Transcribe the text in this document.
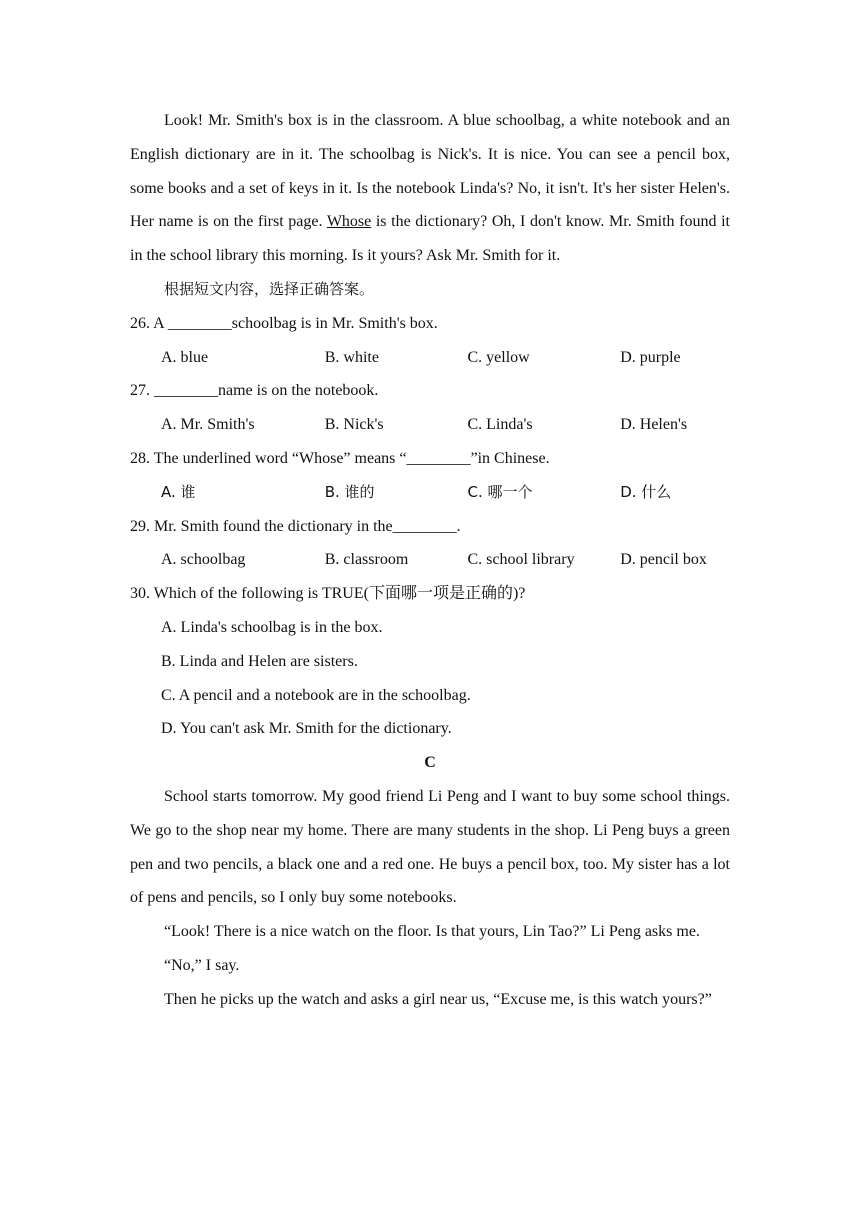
Look! Mr. Smith's box is in the classroom. A blue schoolbag, a white notebook and an English dictionary are in it. The schoolbag is Nick's. It is nice. You can see a pencil box, some books and a set of keys in it. Is the notebook Linda's? No, it isn't. It's her sister Helen's. Her name is on the first page. Whose is the dictionary? Oh, I don't know. Mr. Smith found it in the school library this morning. Is it yours? Ask Mr. Smith for it.

根据短文内容，选择正确答案。

26. A ________schoolbag is in Mr. Smith's box.

A. blue	B. white	C. yellow	D. purple

27. ________name is on the notebook.

A. Mr. Smith's	B. Nick's	C. Linda's	D. Helen's

28. The underlined word “Whose” means “________”in Chinese.

A. 谁	B. 谁的	C. 哪一个	D. 什么

29. Mr. Smith found the dictionary in the________.

A. schoolbag	B. classroom	C. school library	D. pencil box

30. Which of the following is TRUE(下面哪一项是正确的)?

A. Linda's schoolbag is in the box.

B. Linda and Helen are sisters.

C. A pencil and a notebook are in the schoolbag.

D. You can't ask Mr. Smith for the dictionary.

C

School starts tomorrow. My good friend Li Peng and I want to buy some school things. We go to the shop near my home. There are many students in the shop. Li Peng buys a green pen and two pencils, a black one and a red one. He buys a pencil box, too. My sister has a lot of pens and pencils, so I only buy some notebooks.

“Look! There is a nice watch on the floor. Is that yours, Lin Tao?” Li Peng asks me.

“No,” I say.

Then he picks up the watch and asks a girl near us, “Excuse me, is this watch yours?”
